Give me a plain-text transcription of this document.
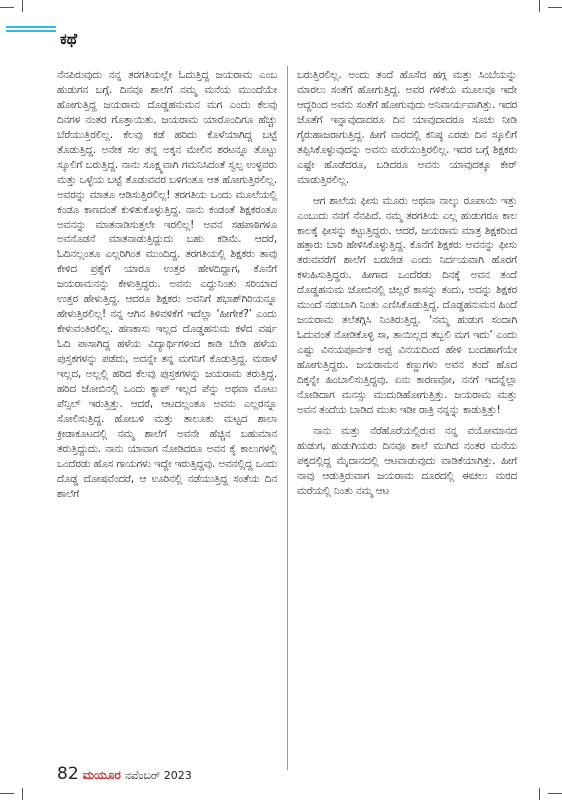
ಕಥೆ

ನೆನಪಿರುವುದು ನನ್ನ ತರಗತಿಯಲ್ಲೇ ಓದುತ್ತಿದ್ದ ಜಯರಾಮ ಎಂಬ ಹುಡುಗನ ಬಗ್ಗೆ. ದಿನವೂ ಶಾಲೆಗೆ ನಮ್ಮ ಮನೆಯ ಮುಂದೆಯೇ ಹೋಗುತ್ತಿದ್ದ ಜಯರಾಮ ದೊಡ್ಡಹನುಮನ ಮಗ ಎಂದು ಕೆಲವು ದಿನಗಳ ನಂತರ ಗೊತ್ತಾಯಿತು. ಜಯರಾಮ ಯಾರೊಂದಿಗೂ ಹೆಚ್ಚು ಬೆರೆಯುತ್ತಿರಲಿಲ್ಲ. ಕೆಲವು ಕಡೆ ಹರಿದು ಕೊಳೆಯಾಗಿದ್ದ ಬಟ್ಟೆ ತೊಡುತ್ತಿದ್ದ. ಅನೇಕ ಸಲ ತನ್ನ ಅಕ್ಕನ ಮೇಲಿನ ಶರಟನ್ನೂ ತೊಟ್ಟು ಸ್ಕೂಲಿಗೆ ಬರುತ್ತಿದ್ದ. ನಾನು ಸೂಕ್ಷ್ಮವಾಗಿ ಗಮನಿಸಿದಂತೆ ಸ್ವಲ್ಪ ಉಳ್ಳವರು ಮತ್ತು ಒಳ್ಳೆಯ ಬಟ್ಟೆ ತೊಡುವವರ ಬಳಿಗಂತೂ ಆತ ಹೋಗುತ್ತಿರಲಿಲ್ಲ. ಅವರನ್ನು ಮಾತೂ ಆಡಿಸುತ್ತಿರಲಿಲ್ಲ! ತರಗತಿಯ ಒಂದು ಮೂಲೆಯಲ್ಲಿ ಕಂಡೂ ಕಾಣದಂತೆ ಕುಳಿತುಕೊಳ್ಳುತ್ತಿದ್ದ. ನಾನು ಕಂಡಂತೆ ಶಿಕ್ಷಕರಂತೂ ಅವನನ್ನು ಮಾತನಾಡಿಸುತ್ತಲೇ ಇರಲಿಲ್ಲ! ಅವನ ಸಹಪಾಠಿಗಳೂ ಅವನೊಡನೆ ಮಾತನಾಡುತ್ತಿದ್ದುದು ಬಹು ಕಡಿಮೆ. ಆದರೆ, ಓದಿನಲ್ಲಂತೂ ಎಲ್ಲರಿಗಿಂತ ಮುಂದಿದ್ದ. ತರಗತಿಯಲ್ಲಿ ಶಿಕ್ಷಕರು ತಾವು ಕೇಳಿದ ಪ್ರಶ್ನೆಗೆ ಯಾರೂ ಉತ್ತರ ಹೇಳದಿದ್ದಾಗ, ಕೊನೆಗೆ ಜಯರಾಮನನ್ನು ಕೇಳುತ್ತಿದ್ದರು. ಅವನು ಎದ್ದುನಿಂತು ಸರಿಯಾದ ಉತ್ತರ ಹೇಳುತ್ತಿದ್ದ. ಆದರೂ ಶಿಕ್ಷಕರು ಅವನಿಗೆ ಶಭಾಶ್‌ಗಿರಿಯನ್ನೂ ಹೇಳುತ್ತಿರಲಿಲ್ಲ! ನನ್ನ ಆಗಿನ ತಿಳಿವಳಿಕೆಗೆ ಇದೆಲ್ಲಾ ‘ಹೀಗೇಕೆ?’ ಎಂದು ಕೇಳುವಂತಿರಲಿಲ್ಲ. ಹಣಕಾಸು ಇಲ್ಲದ ದೊಡ್ಡಹನುಮ ಕಳೆದ ವರ್ಷ ಓದಿ ಪಾಸಾಗಿದ್ದ ಹಳೆಯ ವಿದ್ಯಾರ್ಥಿಗಳಿಂದ ಕಾಡಿ ಬೇಡಿ ಹಳೆಯ ಪುಸ್ತಕಗಳನ್ನು ಪಡೆದು, ಅದನ್ನೇ ತನ್ನ ಮಗನಿಗೆ ಕೊಡುತ್ತಿದ್ದ. ಮರಾಳೆ ಇಲ್ಲದ, ಅಲ್ಲಲ್ಲಿ ಹರಿದ ಕೆಲವು ಪುಸ್ತಕಗಳನ್ನು ಜಯರಾಮ ತರುತ್ತಿದ್ದ. ಹರಿದ ಜೋಬಿನಲ್ಲಿ ಒಂದು ಕ್ಯಾಪ್ ಇಲ್ಲದ ಪೆನ್ನು ಅಥವಾ ಮೊಟು ಪೆನ್ಸಿಲ್ ಇರುತ್ತಿತ್ತು. ಆದರೆ, ಆಟದಲ್ಲಂತೂ ಅವನು ಎಲ್ಲರನ್ನೂ ಸೋಲಿಸುತ್ತಿದ್ದ. ಹೋಬಳಿ ಮತ್ತು ತಾಲೂಕು ಮಟ್ಟದ ಶಾಲಾ ಕ್ರೀಡಾಕೂಟದಲ್ಲಿ ನಮ್ಮ ಶಾಲೆಗೆ ಅವನೇ ಹೆಚ್ಚಿನ ಬಹುಮಾನ ತರುತ್ತಿದ್ದುದು. ನಾನು ಯಾವಾಗ ನೋಡಿದರೂ ಅವನ ಕೈ ಕಾಲುಗಳಲ್ಲಿ ಒಂದೆರಡು ಹೊಸ ಗಾಯಗಳು ಇದ್ದೇ ಇರುತ್ತಿದ್ದವು. ಅವನಲ್ಲಿದ್ದ ಒಂದು ದೊಡ್ಡ ದೋಷವೆಂದರೆ, ಆ ಊರಿನಲ್ಲಿ ನಡೆಯುತ್ತಿದ್ದ ಸಂತೆಯ ದಿನ ಶಾಲೆಗೆ

ಬರುತ್ತಿರಲಿಲ್ಲ. ಅಂದು ತಂದೆ ಹೊಸೆದ ಹಗ್ಗ ಮತ್ತು ಸಿಂಬೆಯನ್ನು ಮಾರಲು ಸಂತೆಗೆ ಹೋಗುತ್ತಿದ್ದ. ಅವರ ಗಳಿಕೆಯ ಮೂಲವೂ ಇದೇ ಆದ್ದರಿಂದ ಅವನು ಸಂತೆಗೆ ಹೋಗುವುದು ಅನಿವಾರ್ಯವಾಗಿತ್ತು. ಇದರ ಜೊತೆಗೆ ಇನ್ನಾವುದಾದರೂ ದಿನ ಯಾವುದಾದರೂ ಸೂಚು ನೀಡಿ ಗೈರುಹಾಜರಾಗುತ್ತಿದ್ದ. ಹೀಗೆ ವಾರದಲ್ಲಿ ಕನಿಷ್ಠ ಎರಡು ದಿನ ಸ್ಕೂಲಿಗೆ ತಪ್ಪಿಸಿಕೊಳ್ಳುವುದನ್ನು ಅವನು ಮರೆಯುತ್ತಿರಲಿಲ್ಲ. ಇದರ ಬಗ್ಗೆ ಶಿಕ್ಷಕರು ಎಷ್ಟೇ ಹೊಡೆದರೂ, ಬಡಿದರೂ ಅವನು ಯಾವುದಕ್ಕೂ ಕೇರ್ ಮಾಡುತ್ತಿರಲಿಲ್ಲ.

ಆಗ ಶಾಲೆಯ ಫೀಸು ಮೂರು ಅಥವಾ ನಾಲ್ಕು ರೂಪಾಯಿ ಇತ್ತು ಎಂಬುದು ನನಗೆ ನೆನಪಿದೆ. ನಮ್ಮ ತರಗತಿಯ ಎಲ್ಲ ಹುಡುಗರೂ ಕಾಲ ಕಾಲಕ್ಕೆ ಫೀಸನ್ನು ಕಟ್ಟುತ್ತಿದ್ದರು. ಆದರೆ, ಜಯರಾಮ ಮಾತ್ರ ಶಿಕ್ಷಕರಿಂದ ಹತ್ತಾರು ಬಾರಿ ಹೇಳಿಸಿಕೊಳ್ಳುತ್ತಿದ್ದ. ಕೊನೆಗೆ ಶಿಕ್ಷಕರು ಅವನನ್ನು ಫೀಸು ತರುವವರೆಗೆ ಶಾಲೆಗೆ ಬರಬೇಡ ಎಂದು ನಿರ್ದಯವಾಗಿ ಹೊರಗೆ ಕಳುಹಿಸುತ್ತಿದ್ದರು. ಹೀಗಾದ ಒಂದೆರಡು ದಿನಕ್ಕೆ ಅವನ ತಂದೆ ದೊಡ್ಡಹನುಮ ಜೋಬಿನಲ್ಲಿ ಚಿಲ್ಲರೆ ಕಾಸನ್ನು ತಂದು, ಅದನ್ನು ಶಿಕ್ಷಕರ ಮುಂದೆ ನಡುಬಾಗಿ ನಿಂತು ಎಣಿಸಿಕೊಡುತ್ತಿದ್ದ. ದೊಡ್ಡಹನುಮನ ಹಿಂದೆ ಜಯರಾಮ ತಲೆತಗ್ಗಿಸಿ ನಿಂತಿರುತ್ತಿದ್ದ. ‘ನಮ್ಮ ಹುಡುಗ ಸಂದಾಗಿ ಓದುವಂತೆ ನೋಡಿಕೊಳ್ಳಿ ಸಾ, ತಾಯಿಲ್ಲದ ತಬ್ಬಲಿ ಮಗ ಇದು’ ಎಂದು ಎಷ್ಟು ವಿನಯಪೂರ್ವಕ ಅಪ್ಪ ವಿನಯದಿಂದ ಹೇಳಿ ಬಂದಹಾಗೆಯೇ ಹೋಗುತ್ತಿದ್ದರು. ಜಯರಾಮನ ಕಣ್ಣುಗಳು ಅವನ ತಂದೆ ಹೊದ ದಿಕ್ಕನ್ನೇ ಹಿಂಬಾಲಿಸುತ್ತಿದ್ದವು. ಏನು ಕಾರಣವೋ, ನನಗೆ ಇದನ್ನೆಲ್ಲಾ ನೋಡಿದಾಗ ಮನಸ್ಸು ಮುದುಡಿಹೋಗುತ್ತಿತ್ತು. ಜಯರಾಮ ಮತ್ತು ಅವನ ತಂದೆಯ ಬಾಡಿದ ಮುಖ ಇಡೀ ರಾತ್ರಿ ನನ್ನನ್ನು ಕಾಡುತ್ತಿತ್ತು!

ನಾನು ಮತ್ತು ನೆರೆಹೊರೆಯಲ್ಲಿರುವ ನನ್ನ ವಯೋಮಾನದ ಹುಡುಗ, ಹುಡುಗಿಯರು ದಿನವೂ ಶಾಲೆ ಮುಗಿದ ನಂತರ ಮನೆಯ ಪಕ್ಕದಲ್ಲಿದ್ದ ಮೈದಾನದಲ್ಲಿ ಆಟವಾಡುವುದು ವಾಡಿಕೆಯಾಗಿತ್ತು. ಹೀಗೆ ನಾವು ಆಡುತ್ತಿರುವಾಗ ಜಯರಾಮ ದೂರದಲ್ಲಿ ಈಚಲು ಮರದ ಮರೆಯಲ್ಲಿ ನಿಂತು ನಮ್ಮ ಆಟ

82 ಮಯೂರ ನವೆಂಬರ್ 2023
